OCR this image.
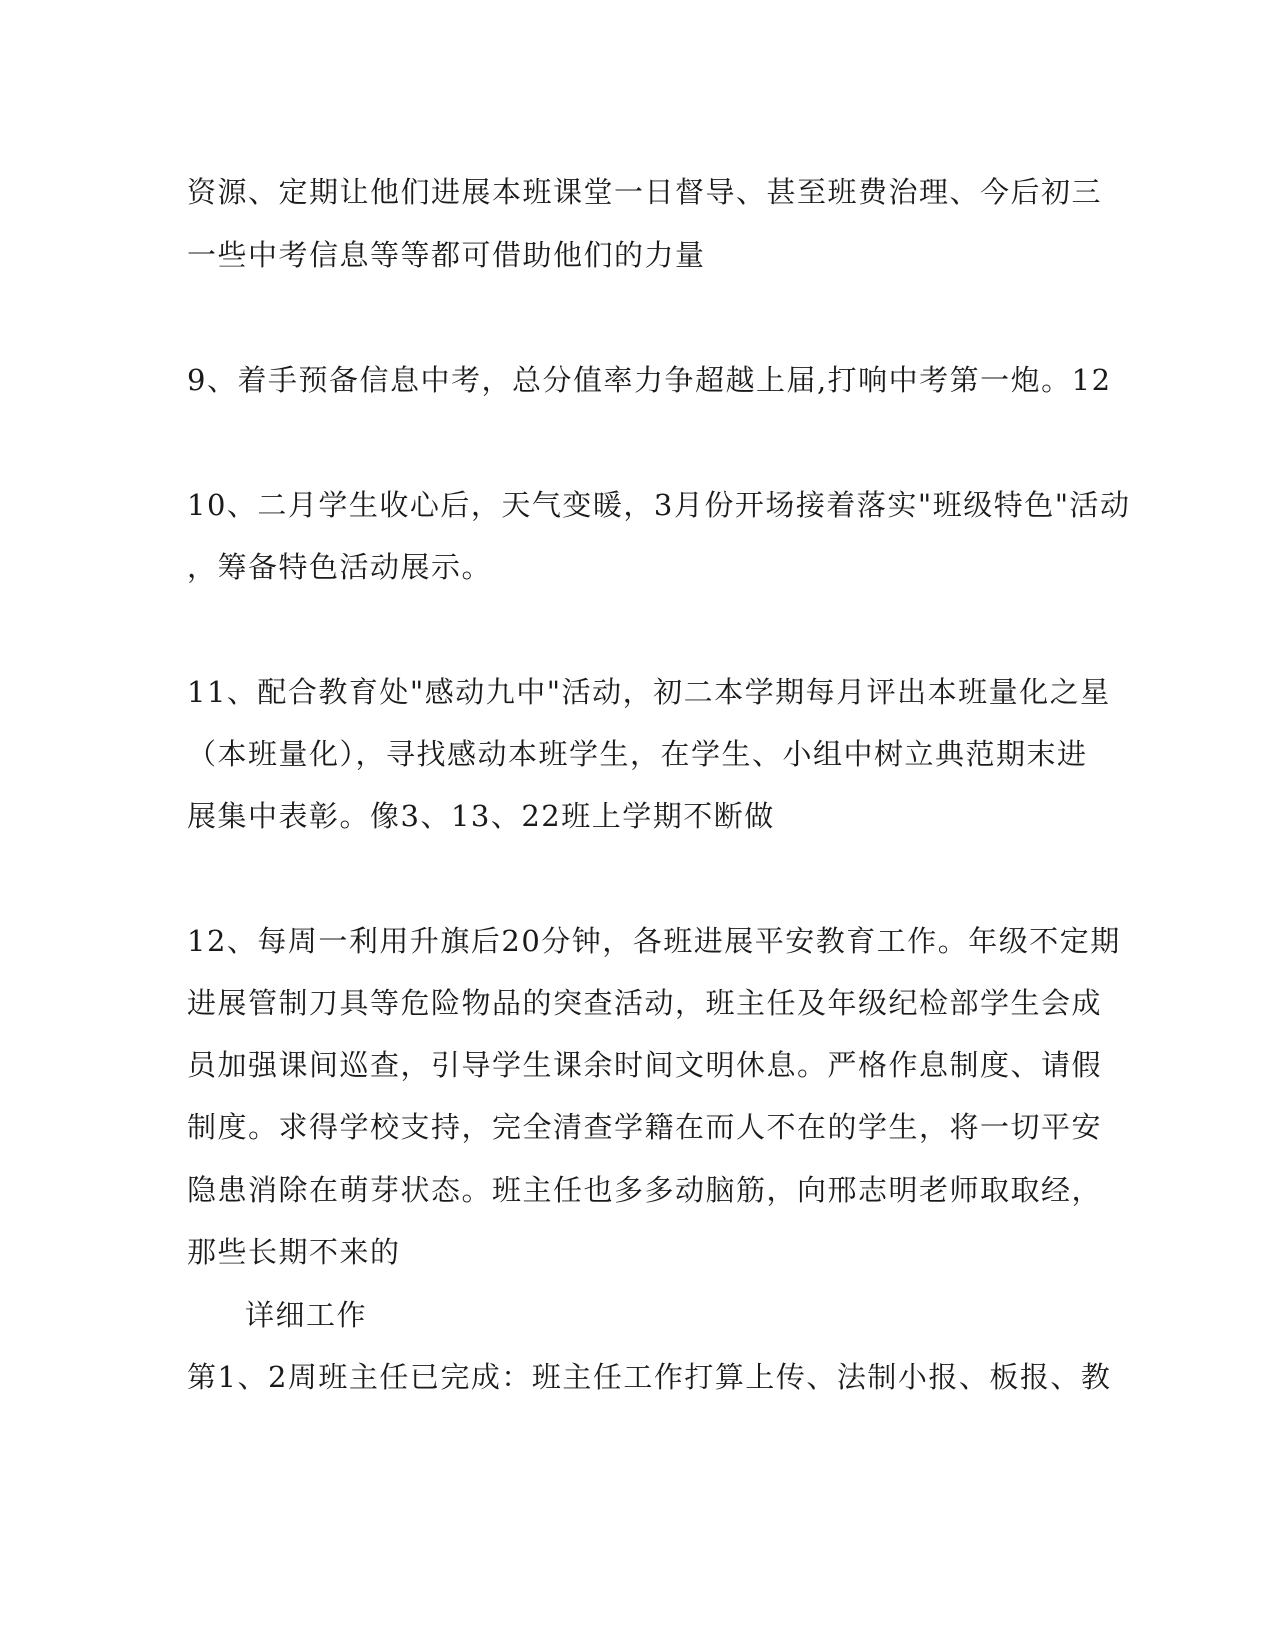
资源、定期让他们进展本班课堂一日督导、甚至班费治理、今后初三
一些中考信息等等都可借助他们的力量
9、着手预备信息中考，总分值率力争超越上届,打响中考第一炮。12
10、二月学生收心后，天气变暖，3月份开场接着落实"班级特色"活动
，筹备特色活动展示。
11、配合教育处"感动九中"活动，初二本学期每月评出本班量化之星
（本班量化），寻找感动本班学生，在学生、小组中树立典范期末进
展集中表彰。像3、13、22班上学期不断做
12、每周一利用升旗后20分钟，各班进展平安教育工作。年级不定期
进展管制刀具等危险物品的突查活动，班主任及年级纪检部学生会成
员加强课间巡查，引导学生课余时间文明休息。严格作息制度、请假
制度。求得学校支持，完全清查学籍在而人不在的学生，将一切平安
隐患消除在萌芽状态。班主任也多多动脑筋，向邢志明老师取取经，
那些长期不来的
详细工作
第1、2周班主任已完成：班主任工作打算上传、法制小报、板报、教
